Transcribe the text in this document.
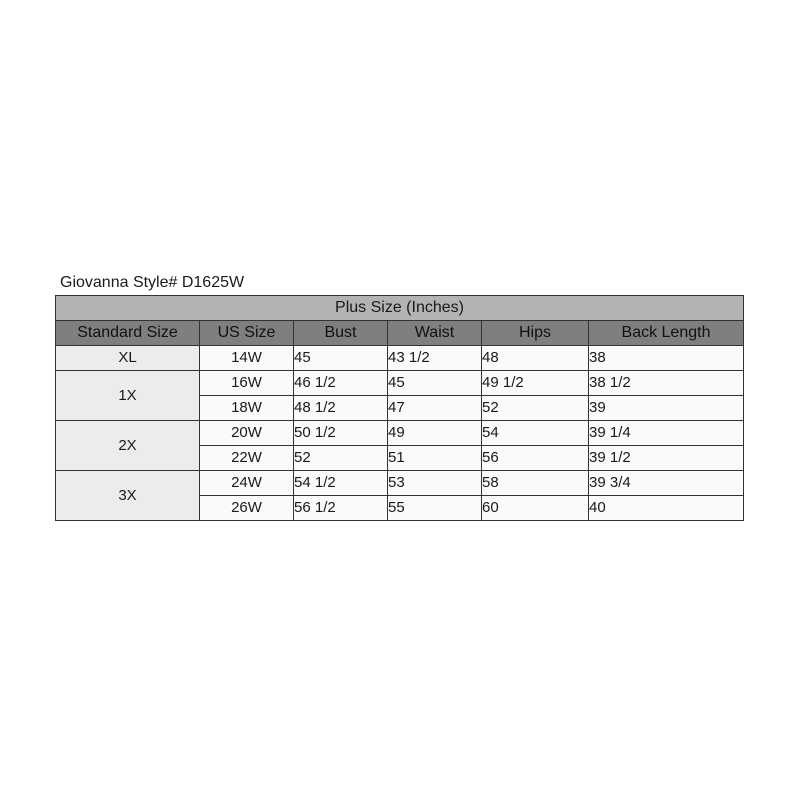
Giovanna Style# D1625W
Plus Size (Inches)					
Standard Size	US Size	Bust	Waist	Hips	Back Length
XL	14W	45	43 1/2	48	38
1X	16W	46 1/2	45	49 1/2	38 1/2
	18W	48 1/2	47	52	39
2X	20W	50 1/2	49	54	39 1/4
	22W	52	51	56	39 1/2
3X	24W	54 1/2	53	58	39 3/4
	26W	56 1/2	55	60	40
